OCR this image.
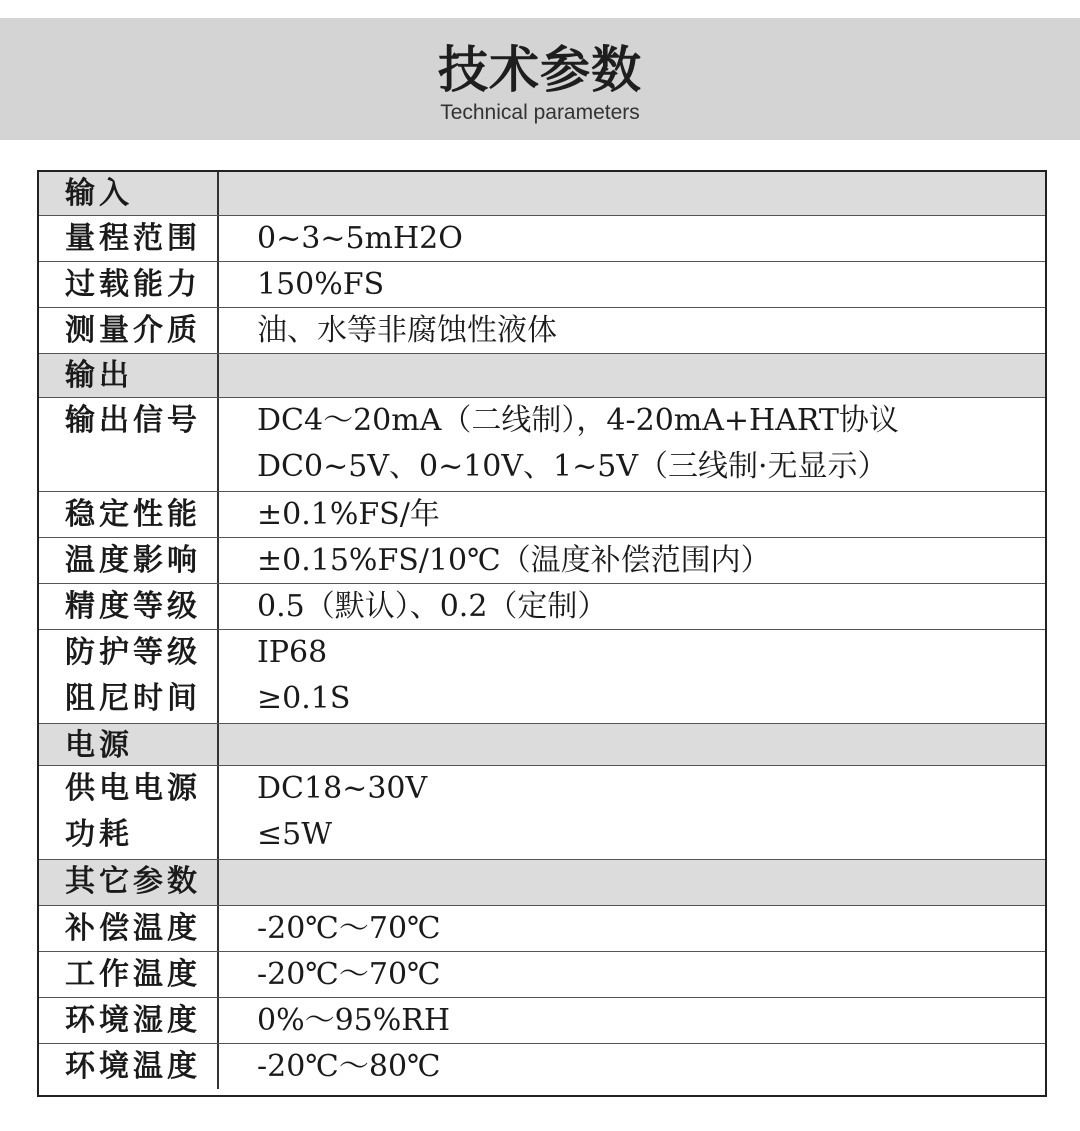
技术参数
Technical parameters
输入
量程范围 0~3~5mH2O
过载能力 150%FS
测量介质 油、水等非腐蚀性液体
输出
输出信号 DC4～20mA（二线制），4-20mA+HART协议
DC0~5V、0~10V、1~5V（三线制·无显示）
稳定性能 ±0.1%FS/年
温度影响 ±0.15%FS/10℃（温度补偿范围内）
精度等级 0.5（默认）、0.2（定制）
防护等级
阻尼时间
IP68
≥0.1S
电源
供电电源
功耗
DC18~30V
≤5W
其它参数
补偿温度 -20℃～70℃
工作温度 -20℃～70℃
环境湿度 0%～95%RH
环境温度 -20℃～80℃
